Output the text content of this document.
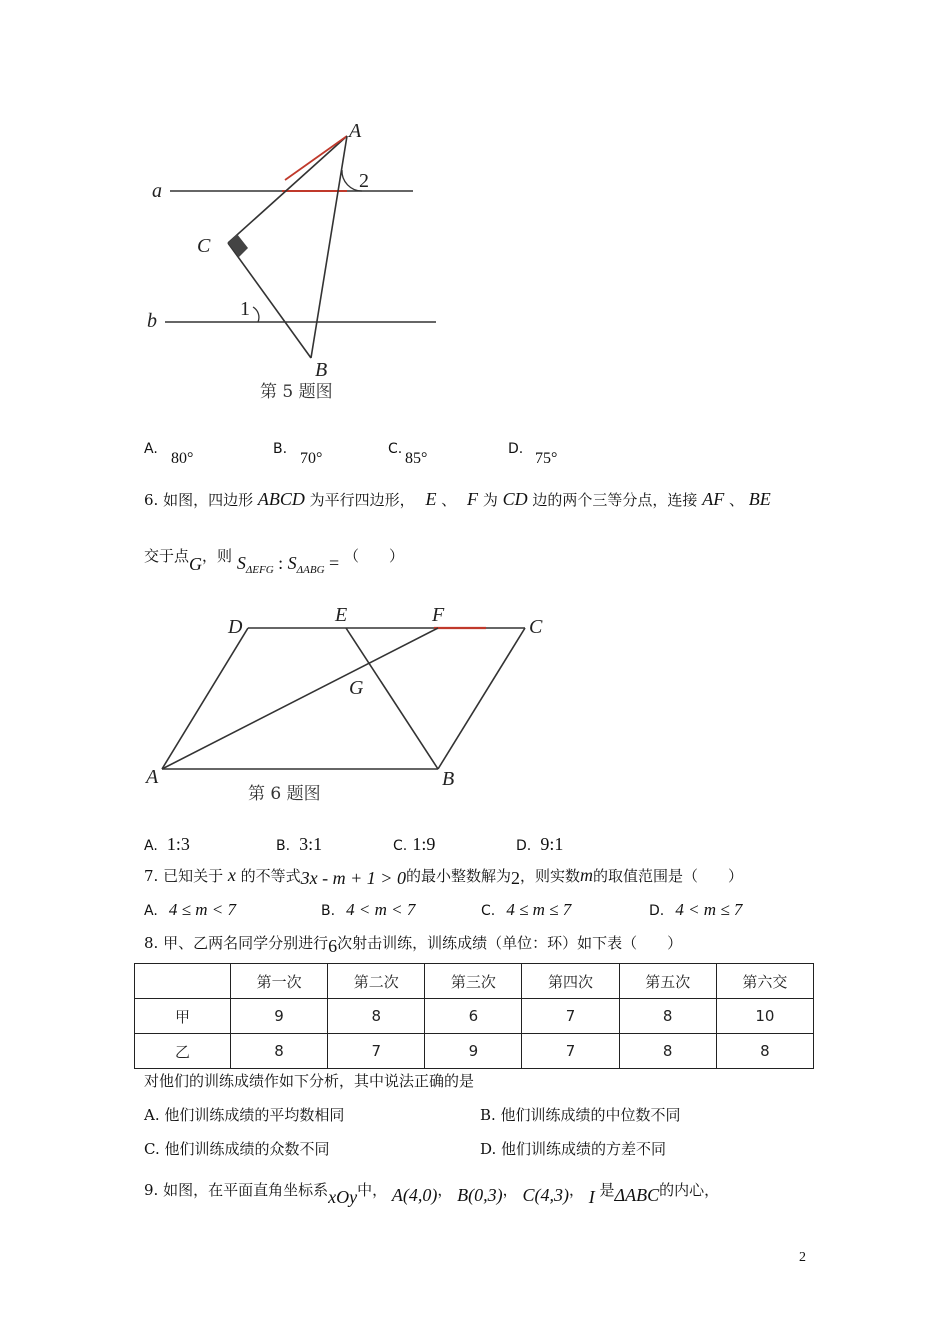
A
a	2
C
b
1
B
第 5 题图
A.
80°
B.
70°
C.
85°
D.
75°
6. 如图，四边形 ABCD 为平行四边形， E 、 F 为 CD 边的两个三等分点，连接 AF 、 BE
交于点G，则 $S_{\Delta EFG}$ : $S_{\Delta ABG}$ = （　　）
D
E	F
C
G
A	B
第 6 题图
A. 1:3	B. 3:1	C. 1:9	D. 9:1
7. 已知关于 x 的不等式3x - m + 1 > 0的最小整数解为2，则实数m的取值范围是（　　）
A. 4 ≤ m < 7	B. 4 < m < 7	C. 4 ≤ m ≤ 7	D. 4 < m ≤ 7
8. 甲、乙两名同学分别进行6次射击训练，训练成绩（单位：环）如下表（　　）
	第一次	第二次	第三次	第四次	第五次	第六交
甲	9	8	6	7	8	10
乙	8	7	9	7	8	8
对他们的训练成绩作如下分析，其中说法正确的是
A. 他们训练成绩的平均数相同	B. 他们训练成绩的中位数不同
C. 他们训练成绩的众数不同	D. 他们训练成绩的方差不同
9. 如图，在平面直角坐标系xOy中， A(4,0)， B(0,3)， C(4,3)， I 是ΔABC的内心，
2
